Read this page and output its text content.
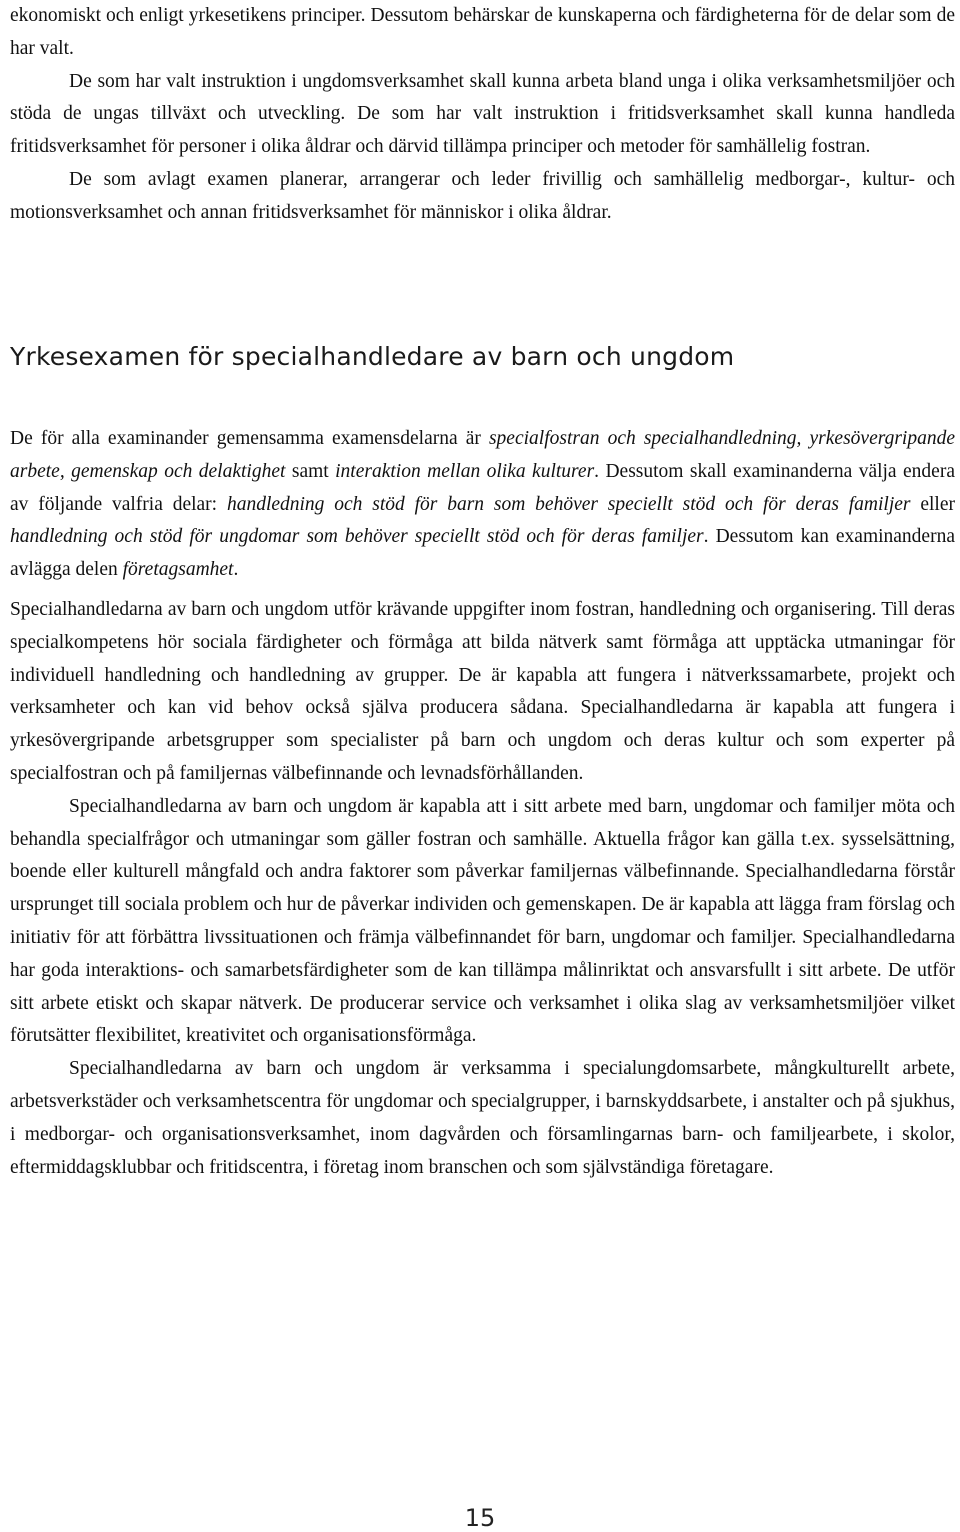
ekonomiskt och enligt yrkesetikens principer. Dessutom behärskar de kunskaperna och färdigheterna för de delar som de har valt.

De som har valt instruktion i ungdomsverksamhet skall kunna arbeta bland unga i olika verksamhetsmiljöer och stöda de ungas tillväxt och utveckling. De som har valt instruktion i fritidsverksamhet skall kunna handleda fritidsverksamhet för personer i olika åldrar och därvid tillämpa principer och metoder för samhällelig fostran.

De som avlagt examen planerar, arrangerar och leder frivillig och samhällelig medborgar-, kultur- och motionsverksamhet och annan fritidsverksamhet för människor i olika åldrar.

Yrkesexamen för specialhandledare av barn och ungdom

De för alla examinander gemensamma examensdelarna är specialfostran och specialhandledning, yrkesövergripande arbete, gemenskap och delaktighet samt interaktion mellan olika kulturer. Dessutom skall examinanderna välja endera av följande valfria delar: handledning och stöd för barn som behöver speciellt stöd och för deras familjer eller handledning och stöd för ungdomar som behöver speciellt stöd och för deras familjer. Dessutom kan examinanderna avlägga delen företagsamhet.

Specialhandledarna av barn och ungdom utför krävande uppgifter inom fostran, handledning och organisering. Till deras specialkompetens hör sociala färdigheter och förmåga att bilda nätverk samt förmåga att upptäcka utmaningar för individuell handledning och handledning av grupper. De är kapabla att fungera i nätverkssamarbete, projekt och verksamheter och kan vid behov också själva producera sådana. Specialhandledarna är kapabla att fungera i yrkesövergripande arbetsgrupper som specialister på barn och ungdom och deras kultur och som experter på specialfostran och på familjernas välbefinnande och levnadsförhållanden.

Specialhandledarna av barn och ungdom är kapabla att i sitt arbete med barn, ungdomar och familjer möta och behandla specialfrågor och utmaningar som gäller fostran och samhälle. Aktuella frågor kan gälla t.ex. sysselsättning, boende eller kulturell mångfald och andra faktorer som påverkar familjernas välbefinnande. Specialhandledarna förstår ursprunget till sociala problem och hur de påverkar individen och gemenskapen. De är kapabla att lägga fram förslag och initiativ för att förbättra livssituationen och främja välbefinnandet för barn, ungdomar och familjer. Specialhandledarna har goda interaktions- och samarbetsfärdigheter som de kan tillämpa målinriktat och ansvarsfullt i sitt arbete. De utför sitt arbete etiskt och skapar nätverk. De producerar service och verksamhet i olika slag av verksamhetsmiljöer vilket förutsätter flexibilitet, kreativitet och organisationsförmåga.

Specialhandledarna av barn och ungdom är verksamma i specialungdomsarbete, mångkulturellt arbete, arbetsverkstäder och verksamhetscentra för ungdomar och specialgrupper, i barnskyddsarbete, i anstalter och på sjukhus, i medborgar- och organisationsverksamhet, inom dagvården och församlingarnas barn- och familjearbete, i skolor, eftermiddagsklubbar och fritidscentra, i företag inom branschen och som självständiga företagare.

15
